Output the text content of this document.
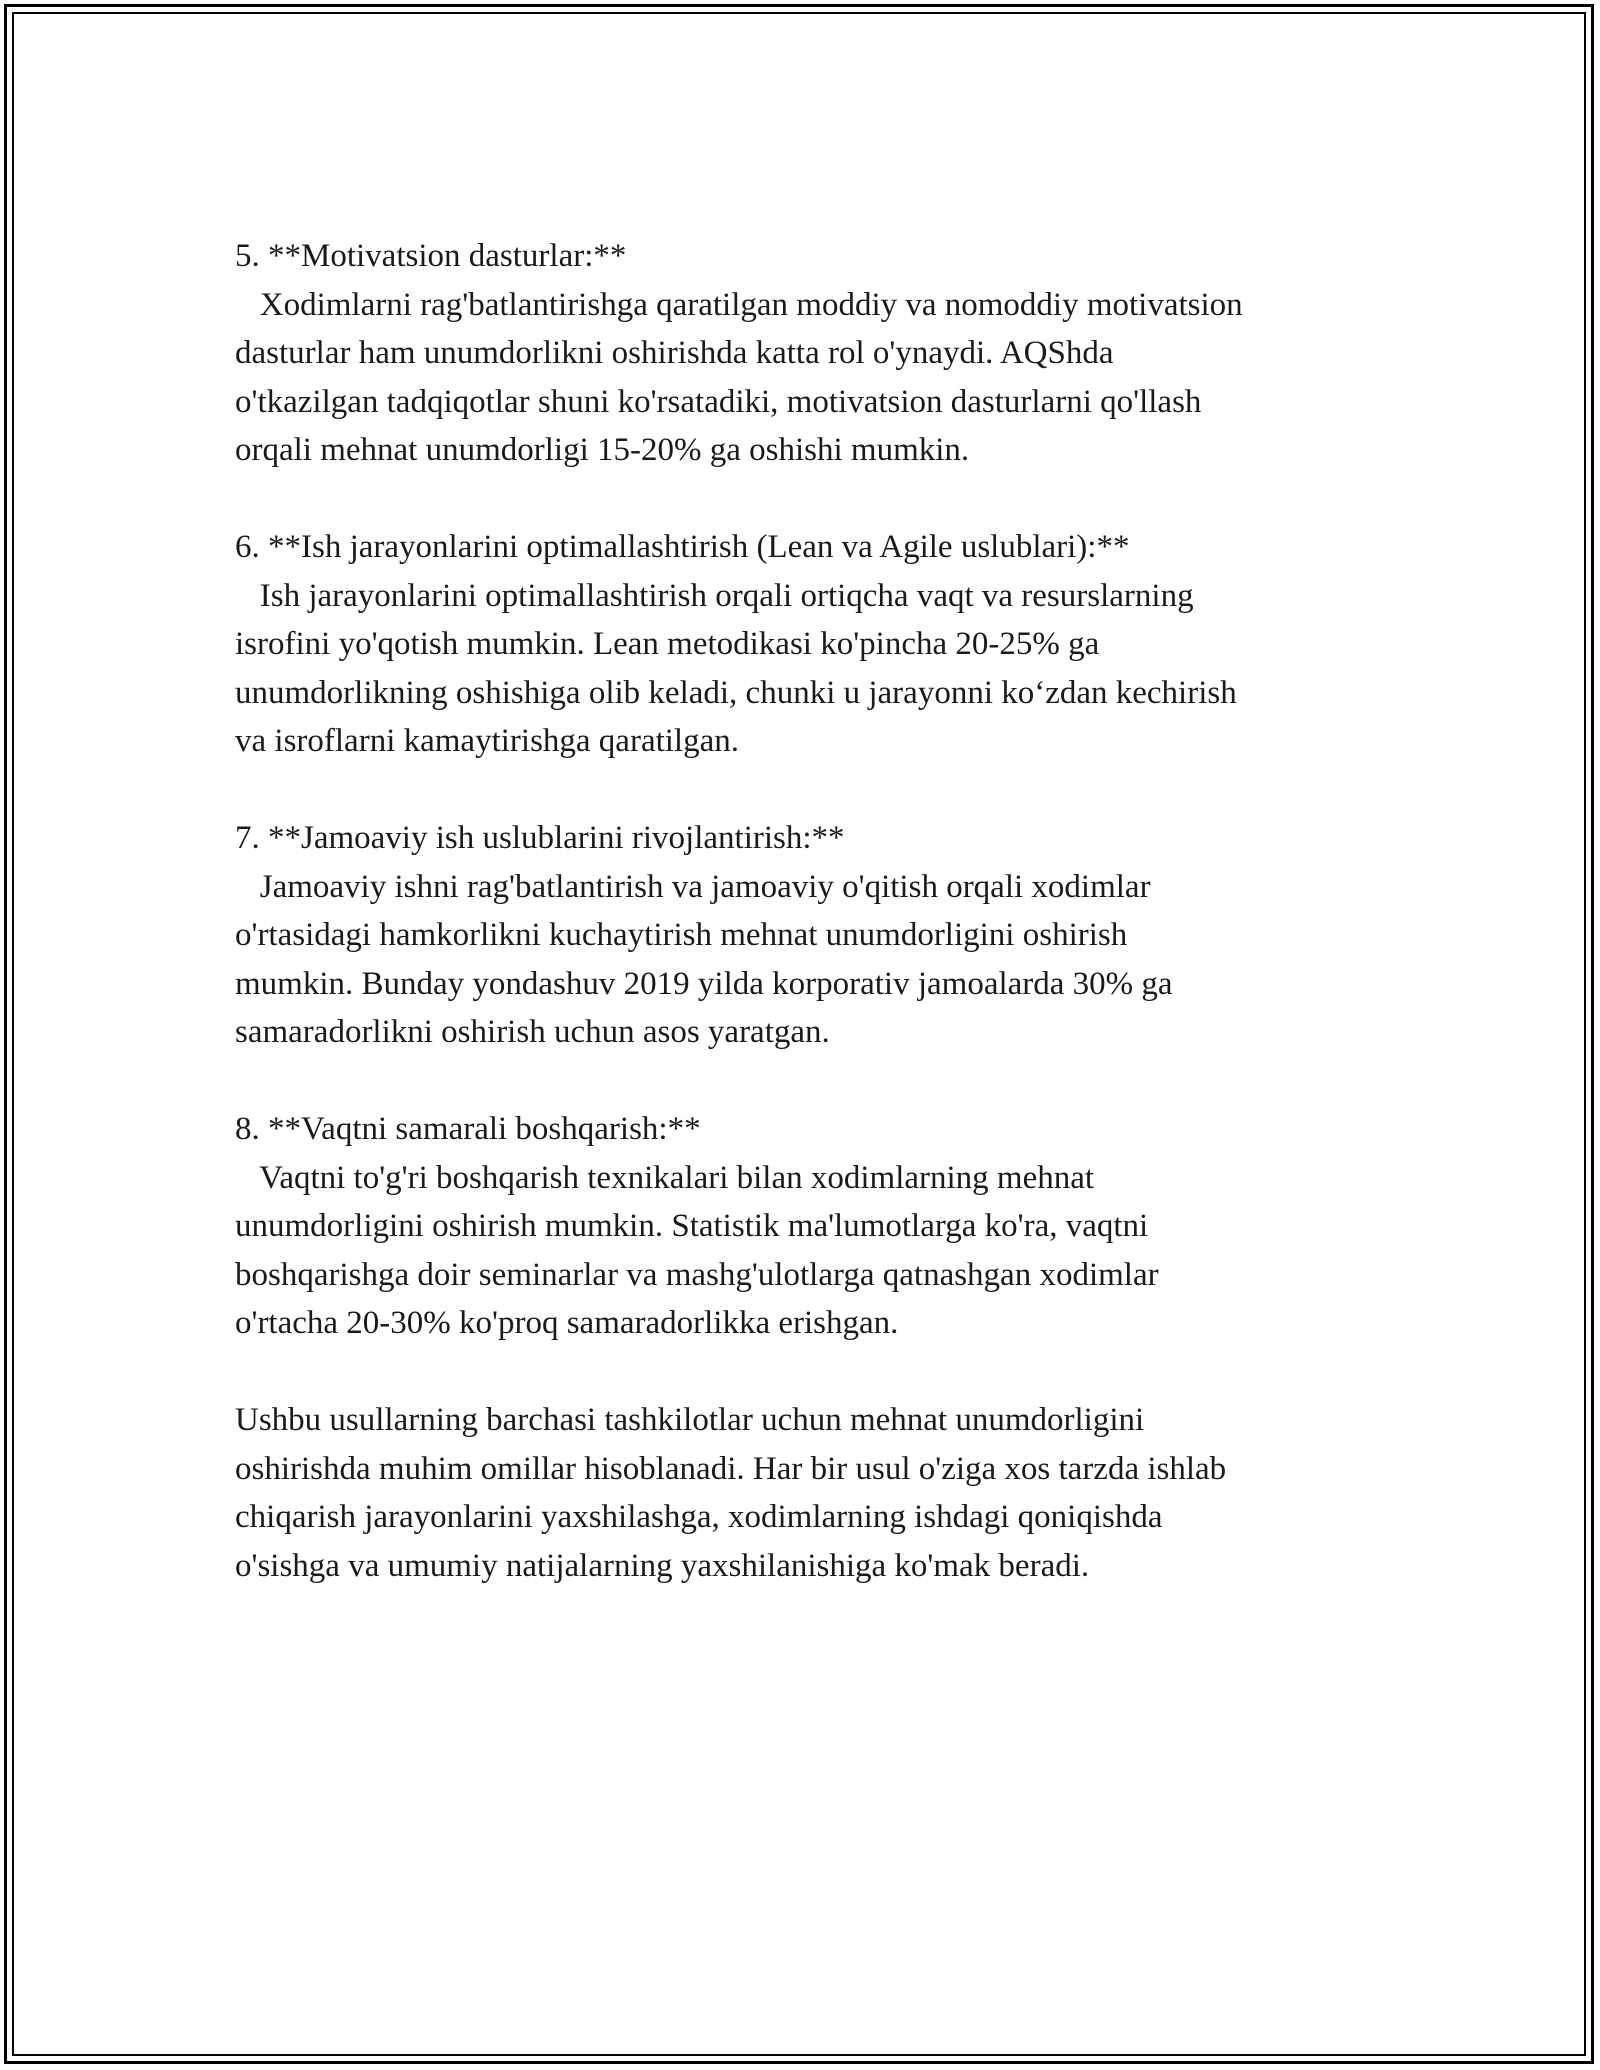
5. **Motivatsion dasturlar:**
Xodimlarni rag'batlantirishga qaratilgan moddiy va nomoddiy motivatsion
dasturlar ham unumdorlikni oshirishda katta rol o'ynaydi. AQShda
o'tkazilgan tadqiqotlar shuni ko'rsatadiki, motivatsion dasturlarni qo'llash
orqali mehnat unumdorligi 15-20% ga oshishi mumkin.
6. **Ish jarayonlarini optimallashtirish (Lean va Agile uslublari):**
Ish jarayonlarini optimallashtirish orqali ortiqcha vaqt va resurslarning
isrofini yo'qotish mumkin. Lean metodikasi ko'pincha 20-25% ga
unumdorlikning oshishiga olib keladi, chunki u jarayonni ko‘zdan kechirish
va isroflarni kamaytirishga qaratilgan.
7. **Jamoaviy ish uslublarini rivojlantirish:**
Jamoaviy ishni rag'batlantirish va jamoaviy o'qitish orqali xodimlar
o'rtasidagi hamkorlikni kuchaytirish mehnat unumdorligini oshirish
mumkin. Bunday yondashuv 2019 yilda korporativ jamoalarda 30% ga
samaradorlikni oshirish uchun asos yaratgan.
8. **Vaqtni samarali boshqarish:**
Vaqtni to'g'ri boshqarish texnikalari bilan xodimlarning mehnat
unumdorligini oshirish mumkin. Statistik ma'lumotlarga ko'ra, vaqtni
boshqarishga doir seminarlar va mashg'ulotlarga qatnashgan xodimlar
o'rtacha 20-30% ko'proq samaradorlikka erishgan.
Ushbu usullarning barchasi tashkilotlar uchun mehnat unumdorligini
oshirishda muhim omillar hisoblanadi. Har bir usul o'ziga xos tarzda ishlab
chiqarish jarayonlarini yaxshilashga, xodimlarning ishdagi qoniqishda
o'sishga va umumiy natijalarning yaxshilanishiga ko'mak beradi.
